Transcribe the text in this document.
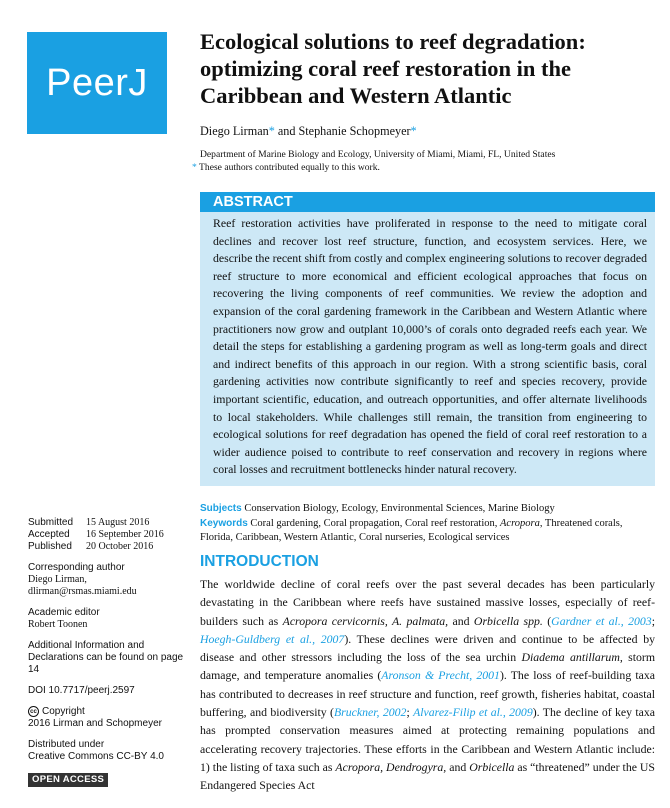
PeerJ
Ecological solutions to reef degradation: optimizing coral reef restoration in the Caribbean and Western Atlantic
Diego Lirman* and Stephanie Schopmeyer*
Department of Marine Biology and Ecology, University of Miami, Miami, FL, United States
* These authors contributed equally to this work.
ABSTRACT

Reef restoration activities have proliferated in response to the need to mitigate coral declines and recover lost reef structure, function, and ecosystem services. Here, we describe the recent shift from costly and complex engineering solutions to recover degraded reef structure to more economical and efficient ecological approaches that focus on recovering the living components of reef communities. We review the adoption and expansion of the coral gardening framework in the Caribbean and Western Atlantic where practitioners now grow and outplant 10,000’s of corals onto degraded reefs each year. We detail the steps for establishing a gardening program as well as long-term goals and direct and indirect benefits of this approach in our region. With a strong scientific basis, coral gardening activities now contribute significantly to reef and species recovery, provide important scientific, education, and outreach opportunities, and offer alternate livelihoods to local stakeholders. While challenges still remain, the transition from engineering to ecological solutions for reef degradation has opened the field of coral reef restoration to a wider audience poised to contribute to reef conservation and recovery in regions where coral losses and recruitment bottlenecks hinder natural recovery.

Subjects Conservation Biology, Ecology, Environmental Sciences, Marine Biology
Keywords Coral gardening, Coral propagation, Coral reef restoration, Acropora, Threatened corals, Florida, Caribbean, Western Atlantic, Coral nurseries, Ecological services

INTRODUCTION

The worldwide decline of coral reefs over the past several decades has been particularly devastating in the Caribbean where reefs have sustained massive losses, especially of reef-builders such as Acropora cervicornis, A. palmata, and Orbicella spp. (Gardner et al., 2003; Hoegh-Guldberg et al., 2007). These declines were driven and continue to be affected by disease and other stressors including the loss of the sea urchin Diadema antillarum, storm damage, and temperature anomalies (Aronson & Precht, 2001). The loss of reef-building taxa has contributed to decreases in reef structure and function, reef growth, fisheries habitat, coastal buffering, and biodiversity (Bruckner, 2002; Alvarez-Filip et al., 2009). The decline of key taxa has prompted conservation measures aimed at protecting remaining populations and accelerating recovery trajectories. These efforts in the Caribbean and Western Atlantic include: 1) the listing of taxa such as Acropora, Dendrogyra, and Orbicella as “threatened” under the US Endangered Species Act

Submitted	15 August 2016
Accepted	16 September 2016
Published	20 October 2016
Corresponding author
Diego Lirman,
dlirman@rsmas.miami.edu
Academic editor
Robert Toonen
Additional Information and Declarations can be found on page 14
DOI 10.7717/peerj.2597
cc Copyright
2016 Lirman and Schopmeyer
Distributed under
Creative Commons CC-BY 4.0
OPEN ACCESS
